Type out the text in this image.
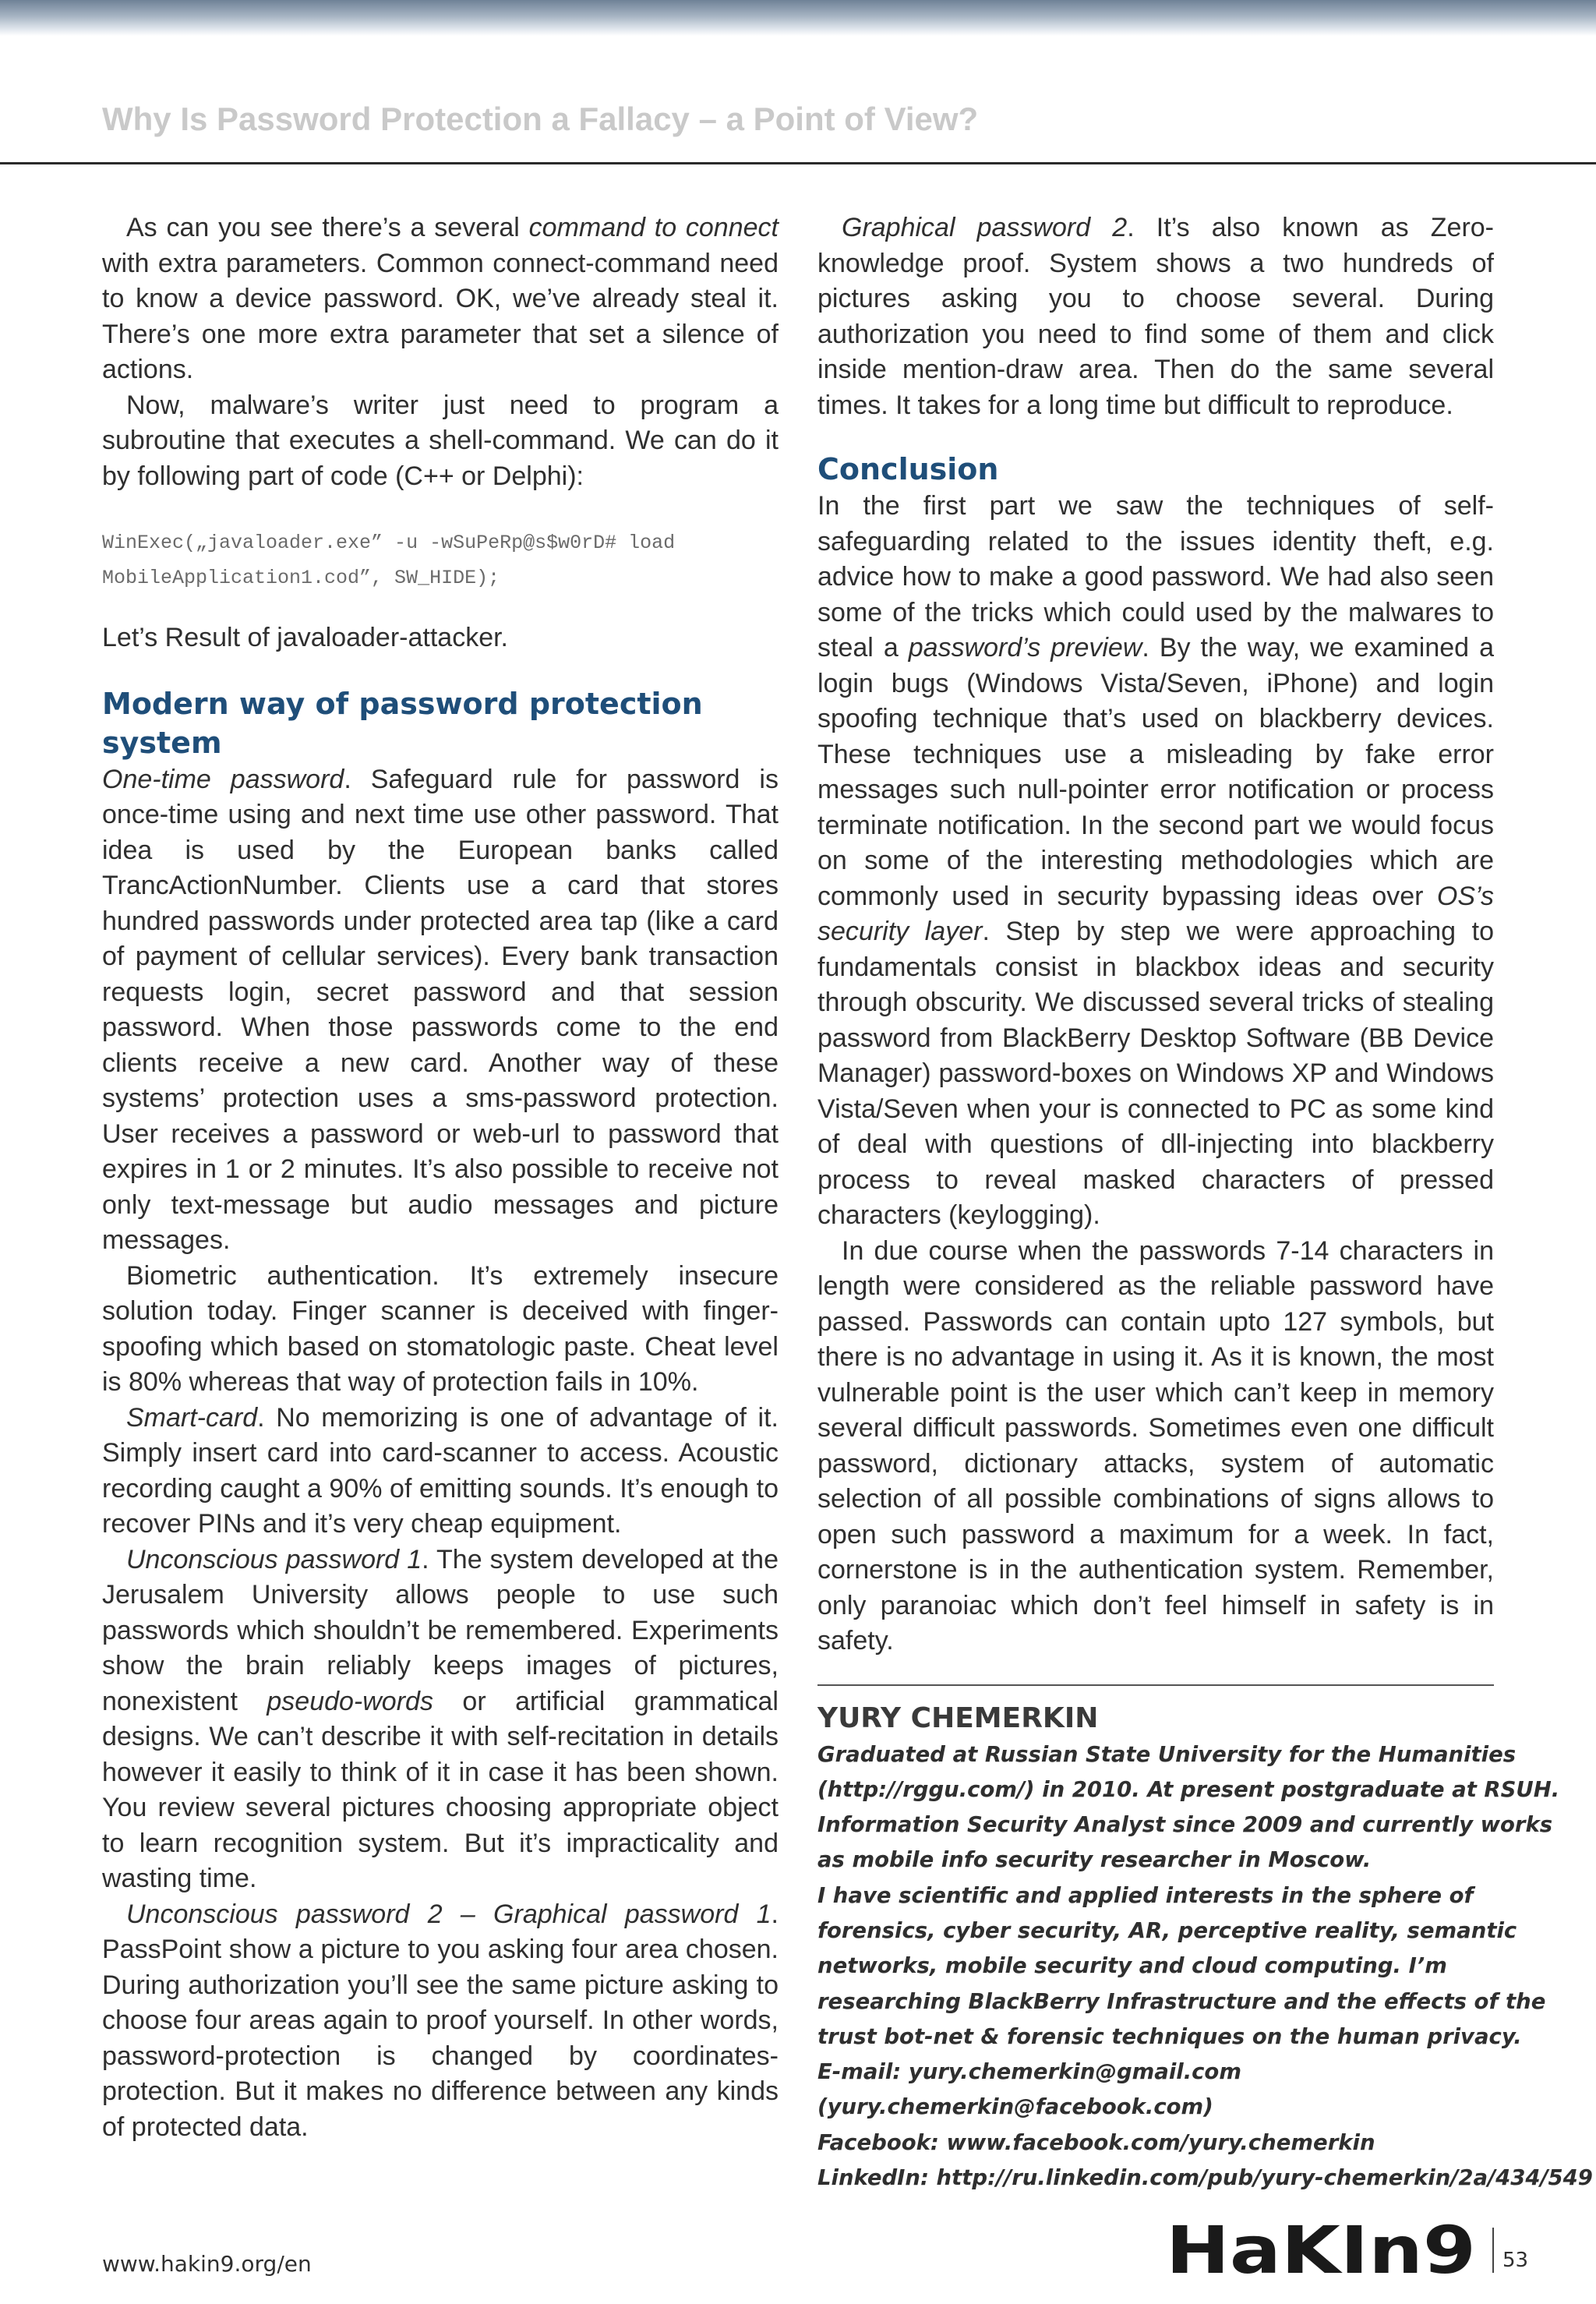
Why Is Password Protection a Fallacy – a Point of View?

As can you see there’s a several command to connect with extra parameters. Common connect-command need to know a device password. OK, we’ve already steal it. There’s one more extra parameter that set a silence of actions.

Now, malware’s writer just need to program a subroutine that executes a shell-command. We can do it by following part of code (C++ or Delphi):

WinExec(„javaloader.exe” -u -wSuPeRp@s$w0rD# load
MobileApplication1.cod”, SW_HIDE);

Let’s Result of javaloader-attacker.

Modern way of password protection system

One-time password. Safeguard rule for password is once-time using and next time use other password. That idea is used by the European banks called TrancActionNumber. Clients use a card that stores hundred passwords under protected area tap (like a card of payment of cellular services). Every bank transaction requests login, secret password and that session password. When those passwords come to the end clients receive a new card. Another way of these systems’ protection uses a sms-password protection. User receives a password or web-url to password that expires in 1 or 2 minutes. It’s also possible to receive not only text-message but audio messages and picture messages.

Biometric authentication. It’s extremely insecure solution today. Finger scanner is deceived with finger-spoofing which based on stomatologic paste. Cheat level is 80% whereas that way of protection fails in 10%.

Smart-card. No memorizing is one of advantage of it. Simply insert card into card-scanner to access. Acoustic recording caught a 90% of emitting sounds. It’s enough to recover PINs and it’s very cheap equipment.

Unconscious password 1. The system developed at the Jerusalem University allows people to use such passwords which shouldn’t be remembered. Experiments show the brain reliably keeps images of pictures, nonexistent pseudo-words or artificial grammatical designs. We can’t describe it with self-recitation in details however it easily to think of it in case it has been shown. You review several pictures choosing appropriate object to learn recognition system. But it’s impracticality and wasting time.

Unconscious password 2 – Graphical password 1. PassPoint show a picture to you asking four area chosen. During authorization you’ll see the same picture asking to choose four areas again to proof yourself. In other words, password-protection is changed by coordinates-protection. But it makes no difference between any kinds of protected data.

Graphical password 2. It’s also known as Zero-knowledge proof. System shows a two hundreds of pictures asking you to choose several. During authorization you need to find some of them and click inside mention-draw area. Then do the same several times. It takes for a long time but difficult to reproduce.

Conclusion

In the first part we saw the techniques of self-safeguarding related to the issues identity theft, e.g. advice how to make a good password. We had also seen some of the tricks which could used by the malwares to steal a password’s preview. By the way, we examined a login bugs (Windows Vista/Seven, iPhone) and login spoofing technique that’s used on blackberry devices. These techniques use a misleading by fake error messages such null-pointer error notification or process terminate notification. In the second part we would focus on some of the interesting methodologies which are commonly used in security bypassing ideas over OS’s security layer. Step by step we were approaching to fundamentals consist in blackbox ideas and security through obscurity. We discussed several tricks of stealing password from BlackBerry Desktop Software (BB Device Manager) password-boxes on Windows XP and Windows Vista/Seven when your is connected to PC as some kind of deal with questions of dll-injecting into blackberry process to reveal masked characters of pressed characters (keylogging).

In due course when the passwords 7-14 characters in length were considered as the reliable password have passed. Passwords can contain upto 127 symbols, but there is no advantage in using it. As it is known, the most vulnerable point is the user which can’t keep in memory several difficult passwords. Sometimes even one difficult password, dictionary attacks, system of automatic selection of all possible combinations of signs allows to open such password a maximum for a week. In fact, cornerstone is in the authentication system. Remember, only paranoiac which don’t feel himself in safety is in safety.

YURY CHEMERKIN
Graduated at Russian State University for the Humanities
(http://rggu.com/) in 2010. At present postgraduate at RSUH.
Information Security Analyst since 2009 and currently works
as mobile info security researcher in Moscow.
I have scientific and applied interests in the sphere of
forensics, cyber security, AR, perceptive reality, semantic
networks, mobile security and cloud computing. I’m
researching BlackBerry Infrastructure and the effects of the
trust bot-net & forensic techniques on the human privacy.
E-mail: yury.chemerkin@gmail.com
(yury.chemerkin@facebook.com)
Facebook: www.facebook.com/yury.chemerkin
LinkedIn: http://ru.linkedin.com/pub/yury-chemerkin/2a/434/549
www.hakin9.org/en	HaKIn9 53
